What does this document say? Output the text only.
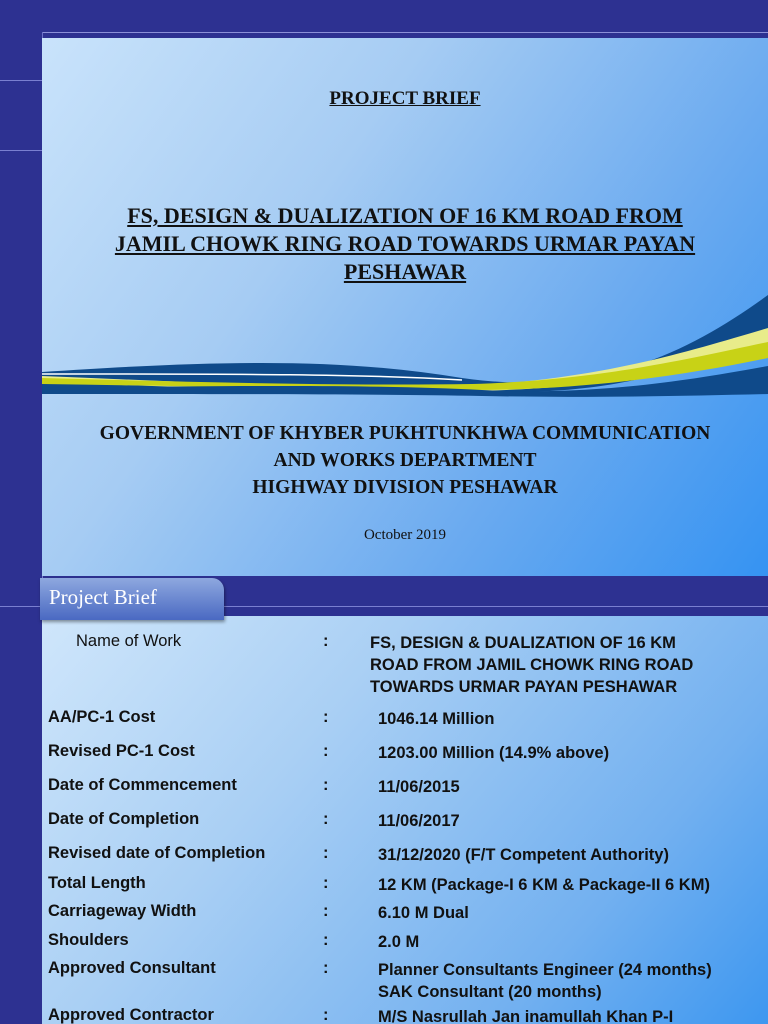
PROJECT BRIEF
FS, DESIGN & DUALIZATION OF 16 KM ROAD FROM
JAMIL CHOWK RING ROAD TOWARDS URMAR PAYAN
PESHAWAR
GOVERNMENT OF KHYBER PUKHTUNKHWA COMMUNICATION
AND WORKS DEPARTMENT
HIGHWAY DIVISION PESHAWAR
October 2019
Project Brief
Name of Work	:	FS, DESIGN & DUALIZATION OF 16 KM
ROAD FROM JAMIL CHOWK RING ROAD
TOWARDS URMAR PAYAN PESHAWAR
AA/PC-1 Cost	:	1046.14 Million
Revised PC-1 Cost	:	1203.00 Million (14.9% above)
Date of Commencement	:	11/06/2015
Date of Completion	:	11/06/2017
Revised date of Completion	:	31/12/2020 (F/T Competent Authority)
Total Length	:	12 KM (Package-I 6 KM & Package-II 6 KM)
Carriageway Width	:	6.10 M Dual
Shoulders	:	2.0 M
Approved Consultant	:	Planner Consultants Engineer (24 months)
SAK Consultant (20 months)
Approved Contractor	:	M/S Nasrullah Jan inamullah Khan P-I
